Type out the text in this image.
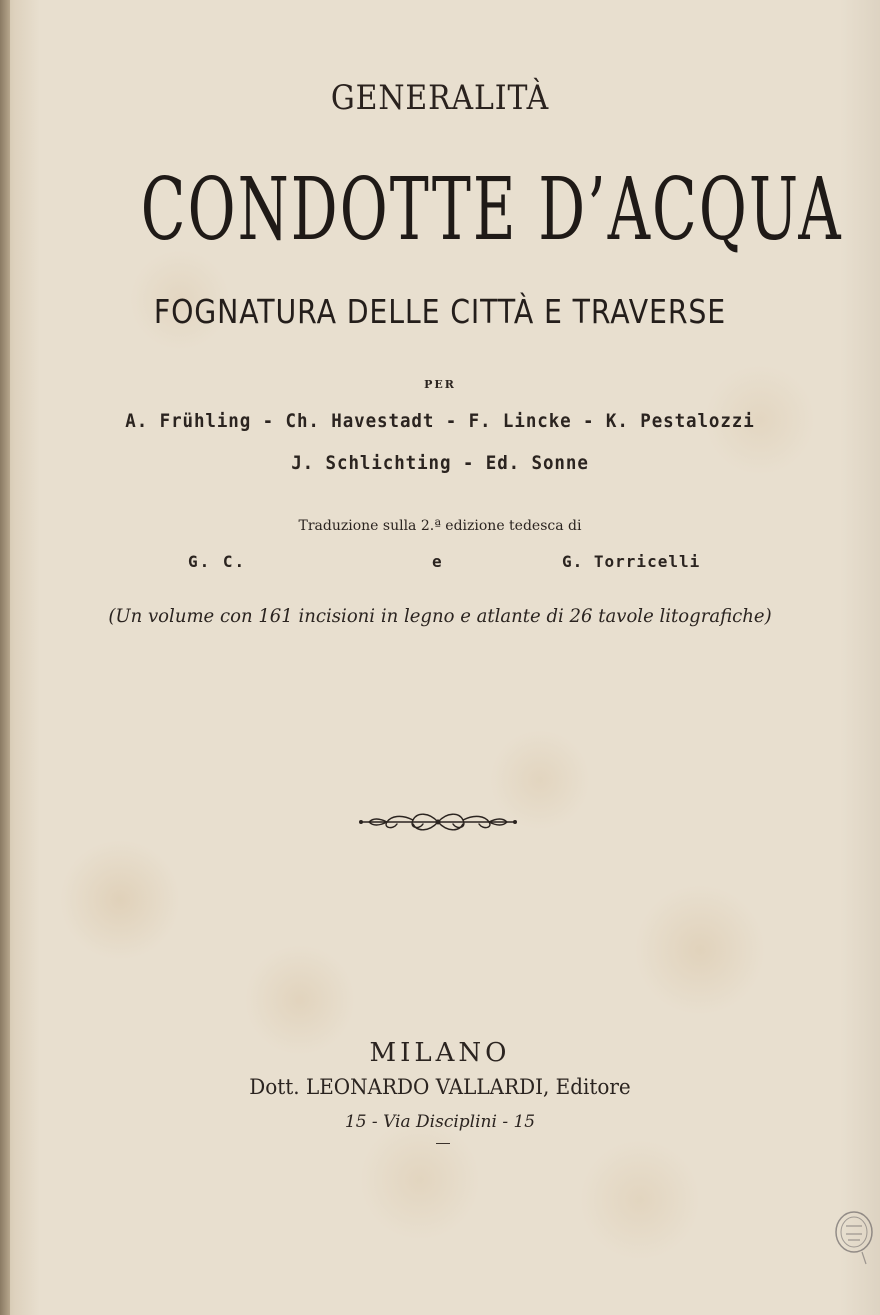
GENERALITÀ
CONDOTTE D’ACQUA
FOGNATURA DELLE CITTÀ E TRAVERSE
PER
A. Frühling - Ch. Havestadt - F. Lincke - K. Pestalozzi
J. Schlichting - Ed. Sonne
Traduzione sulla 2.ª edizione tedesca di
G. C.	e	G. Torricelli
(Un volume con 161 incisioni in legno e atlante di 26 tavole litografiche)
MILANO
Dott. LEONARDO VALLARDI, Editore
15 - Via Disciplini - 15
